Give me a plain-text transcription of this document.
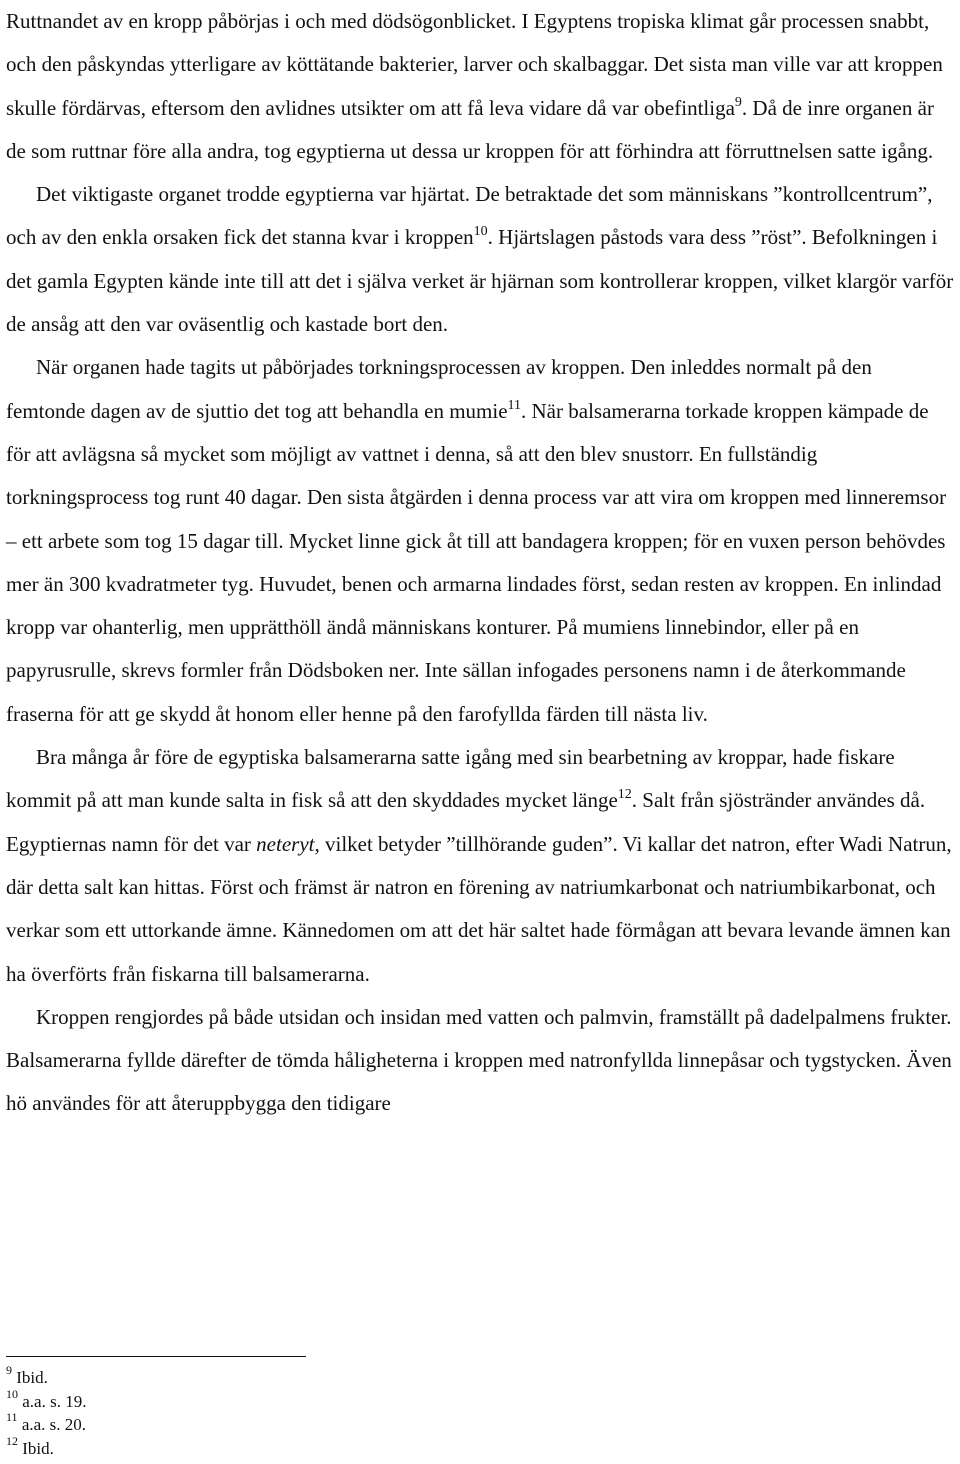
Ruttnandet av en kropp påbörjas i och med dödsögonblicket. I Egyptens tropiska klimat går processen snabbt, och den påskyndas ytterligare av köttätande bakterier, larver och skalbaggar. Det sista man ville var att kroppen skulle fördärvas, eftersom den avlidnes utsikter om att få leva vidare då var obefintliga$^9$. Då de inre organen är de som ruttnar före alla andra, tog egyptierna ut dessa ur kroppen för att förhindra att förruttnelsen satte igång.

Det viktigaste organet trodde egyptierna var hjärtat. De betraktade det som människans ”kontrollcentrum”, och av den enkla orsaken fick det stanna kvar i kroppen$^{10}$. Hjärtslagen påstods vara dess ”röst”. Befolkningen i det gamla Egypten kände inte till att det i själva verket är hjärnan som kontrollerar kroppen, vilket klargör varför de ansåg att den var oväsentlig och kastade bort den.

När organen hade tagits ut påbörjades torkningsprocessen av kroppen. Den inleddes normalt på den femtonde dagen av de sjuttio det tog att behandla en mumie$^{11}$. När balsamerarna torkade kroppen kämpade de för att avlägsna så mycket som möjligt av vattnet i denna, så att den blev snustorr. En fullständig torkningsprocess tog runt 40 dagar. Den sista åtgärden i denna process var att vira om kroppen med linneremsor – ett arbete som tog 15 dagar till. Mycket linne gick åt till att bandagera kroppen; för en vuxen person behövdes mer än 300 kvadratmeter tyg. Huvudet, benen och armarna lindades först, sedan resten av kroppen. En inlindad kropp var ohanterlig, men upprätthöll ändå människans konturer. På mumiens linnebindor, eller på en papyrusrulle, skrevs formler från Dödsboken ner. Inte sällan infogades personens namn i de återkommande fraserna för att ge skydd åt honom eller henne på den farofyllda färden till nästa liv.

Bra många år före de egyptiska balsamerarna satte igång med sin bearbetning av kroppar, hade fiskare kommit på att man kunde salta in fisk så att den skyddades mycket länge$^{12}$. Salt från sjöstränder användes då. Egyptiernas namn för det var neteryt, vilket betyder ”tillhörande guden”. Vi kallar det natron, efter Wadi Natrun, där detta salt kan hittas. Först och främst är natron en förening av natriumkarbonat och natriumbikarbonat, och verkar som ett uttorkande ämne. Kännedomen om att det här saltet hade förmågan att bevara levande ämnen kan ha överförts från fiskarna till balsamerarna.

Kroppen rengjordes på både utsidan och insidan med vatten och palmvin, framställt på dadelpalmens frukter. Balsamerarna fyllde därefter de tömda håligheterna i kroppen med natronfyllda linnepåsar och tygstycken. Även hö användes för att återuppbygga den tidigare

$^9$ Ibid.

$^{10}$ a.a. s. 19.

$^{11}$ a.a. s. 20.

$^{12}$ Ibid.
